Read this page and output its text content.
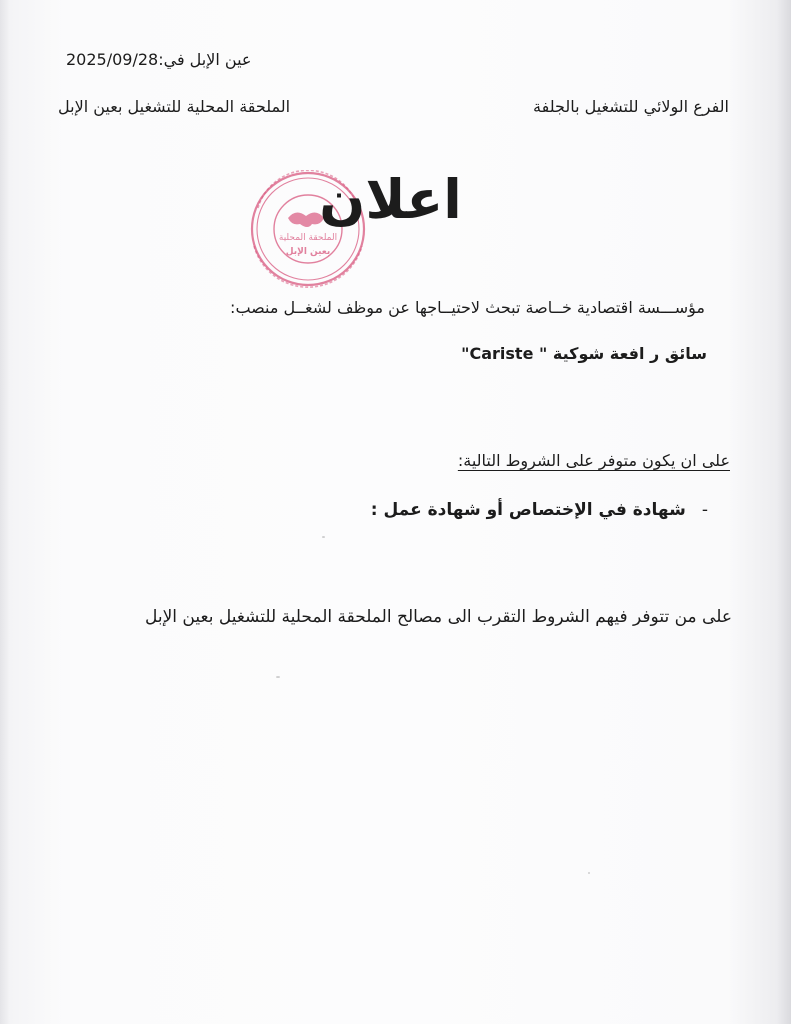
عين الإبل في:2025/09/28
الفرع الولائي للتشغيل بالجلفة
الملحقة المحلية للتشغيل بعين الإبل
الملحقة المحلية
بعين الإبل
اعلان
مؤســـسة اقتصادية خــاصة تبحث لاحتيــاجها عن موظف لشغــل منصب:
سائق ر افعة شوكية " Cariste"
على ان يكون متوفر على الشروط التالية:
-شهادة في الإختصاص أو شهادة عمل :
على من تتوفر فيهم الشروط التقرب الى مصالح الملحقة المحلية للتشغيل بعين الإبل
